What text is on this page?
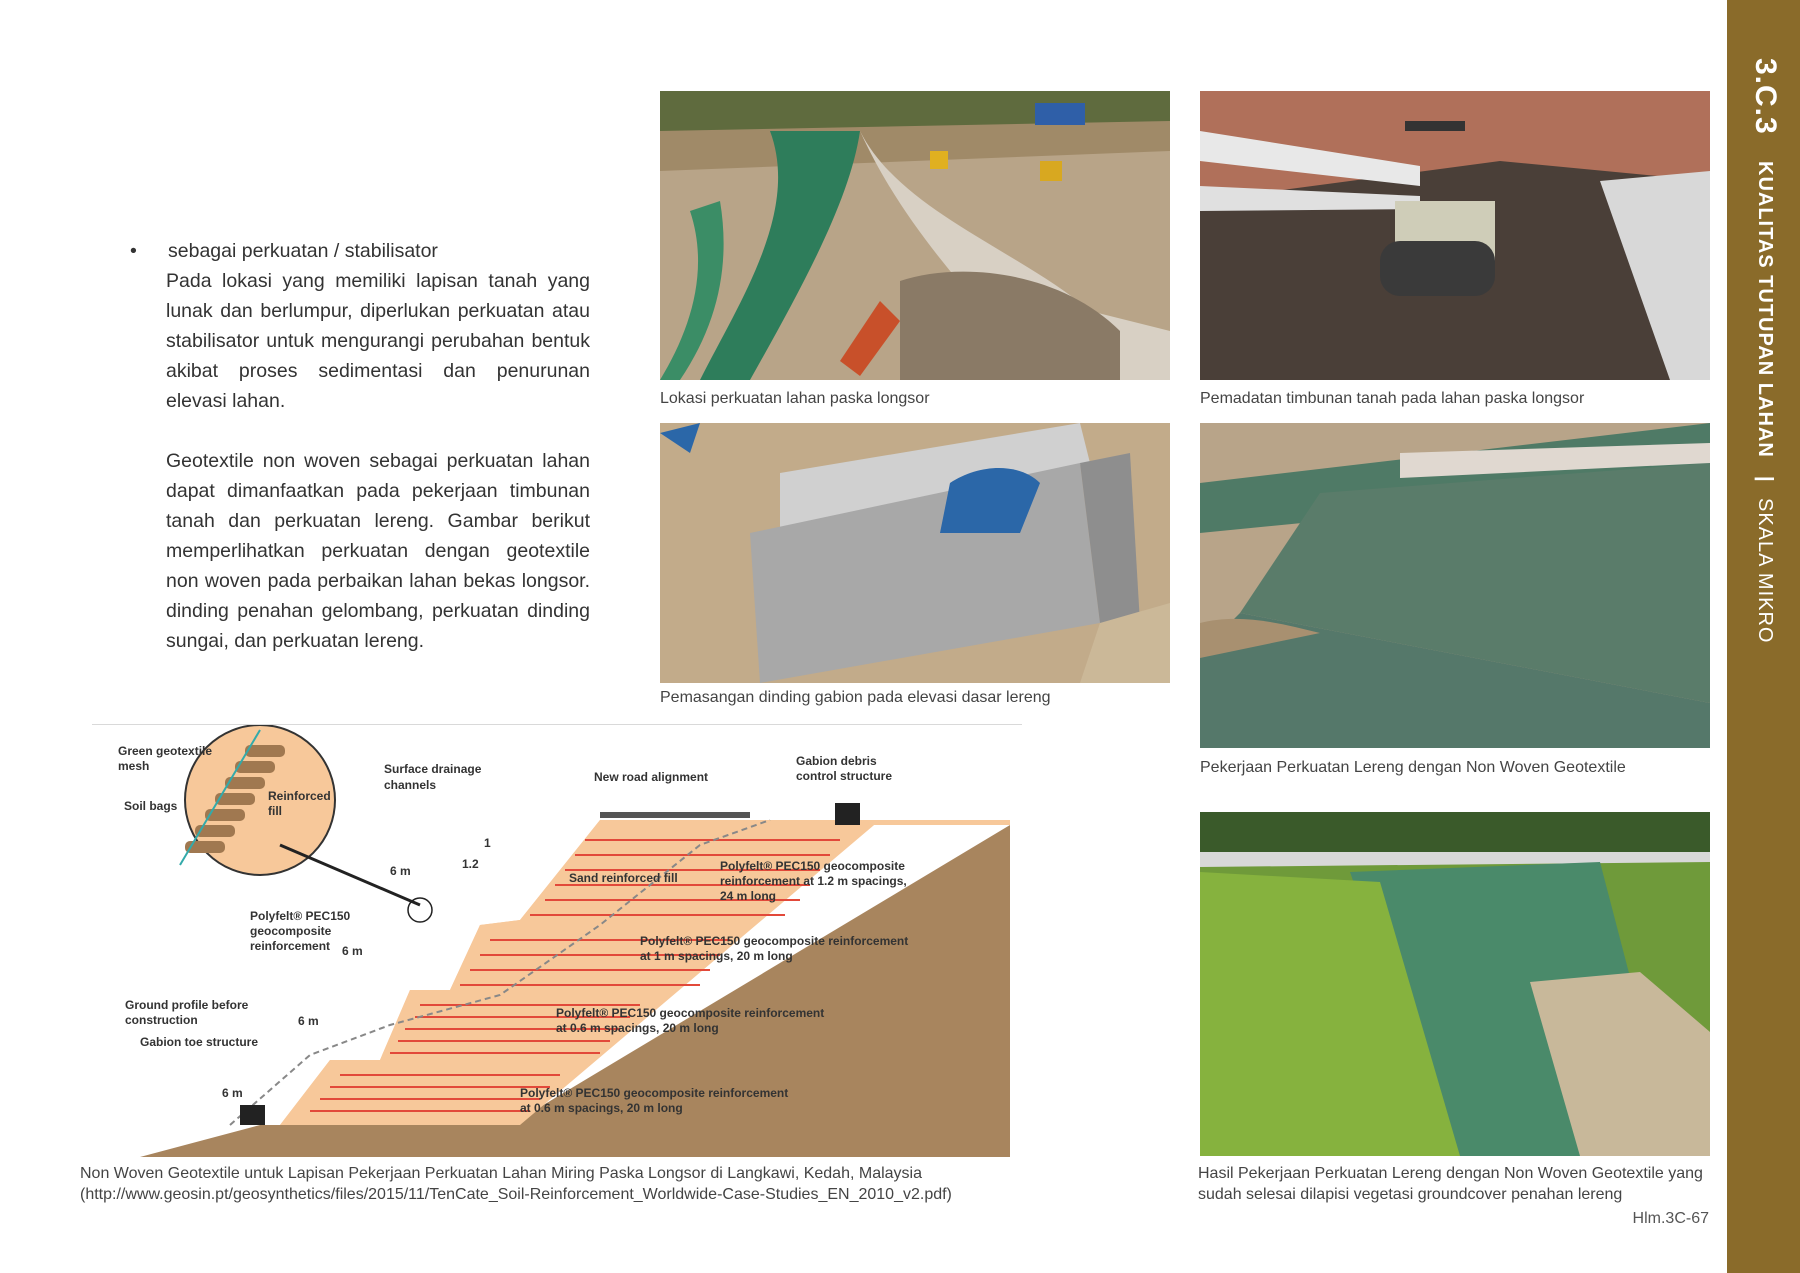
3.C.3 KUALITAS TUTUPAN LAHAN | SKALA MIKRO
•	sebagai perkuatan / stabilisator
Pada lokasi yang memiliki lapisan tanah yang lunak dan berlumpur, diperlukan perkuatan atau stabilisator untuk mengurangi perubahan bentuk akibat proses sedimentasi dan penurunan elevasi lahan.
Geotextile non woven sebagai perkuatan lahan dapat dimanfaatkan pada pekerjaan timbunan tanah dan perkuatan lereng. Gambar berikut memperlihatkan perkuatan dengan geotextile non woven pada perbaikan lahan bekas longsor. dinding penahan gelombang, perkuatan dinding sungai, dan perkuatan lereng.
Lokasi perkuatan lahan paska longsor	Pemadatan timbunan tanah pada lahan paska longsor
Pemasangan dinding gabion pada elevasi dasar lereng
Pekerjaan Perkuatan Lereng dengan Non Woven Geotextile
Hasil Pekerjaan Perkuatan Lereng dengan Non Woven Geotextile yang
sudah selesai dilapisi vegetasi groundcover penahan lereng
Green geotextile
mesh
Soil bags
Reinforced
fill
Polyfelt® PEC150
geocomposite
reinforcement
Ground profile before
construction
Gabion toe structure
Surface drainage
channels
New road alignment
Gabion debris
control structure
Sand reinforced fill
1.2
1
6 m
6 m
6 m
6 m
Polyfelt® PEC150 geocomposite
reinforcement at 1.2 m spacings,
24 m long
Polyfelt® PEC150 geocomposite reinforcement
at 1 m spacings, 20 m long
Polyfelt® PEC150 geocomposite reinforcement
at 0.6 m spacings, 20 m long
Polyfelt® PEC150 geocomposite reinforcement
at 0.6 m spacings, 20 m long
Non Woven Geotextile untuk Lapisan Pekerjaan Perkuatan Lahan Miring Paska Longsor di Langkawi, Kedah, Malaysia
(http://www.geosin.pt/geosynthetics/files/2015/11/TenCate_Soil-Reinforcement_Worldwide-Case-Studies_EN_2010_v2.pdf)
Hlm.3C-67
